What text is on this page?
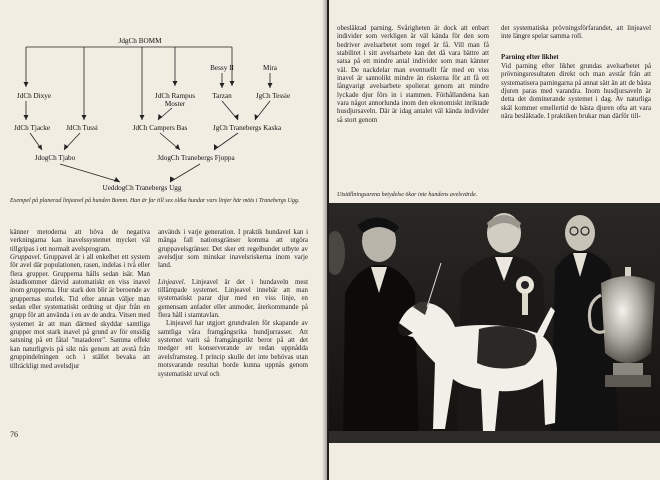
JdgCh BOMM
Bessy II	Mira
JdCh Dixye	JdCh Rampus
Moster
Tarzan	JgCh Tessie
JdCh Tjacke JdCh Tussi	JdCh Campers Bas	JgCh Tranebergs Kaska
JdogCh Tjabo	JdogCh Tranebergs Fjoppa
UeddogCh Tranebergs Ugg

Exempel på planerad linjeavel på hunden Bomm. Han är far till sex olika hundar vars linjer här möts i Tranebergs Ugg.

känner metoderna att höva de negativa verkningarna kan inavelssystemet mycket väl tillgripas i ett normalt avelsprogram.

Gruppavel. Gruppavel är i all enkelhet ett system för avel där populationen, rasen, indelas i två eller flera grupper. Grupperna hålls sedan isär. Man åstadkommer därvid automatiskt en viss inavel inom grupperna. Hur stark den blir är beroende av gruppernas storlek. Tid efter annan väljer man sedan eller systematiskt ordning ut djur från en grupp för att använda i en av de andra. Vitsen med systemet är att man därmed skyddar samtliga grupper mot stark inavel på grund av för ensidig satsning på ett fåtal "matadorer". Samma effekt kan naturligtvis på sikt nås genom att avstå från gruppindelningen och i stället bevaka att tillräckligt med avelsdjur

används i varje generation. I praktik hundavel kan i många fall nationsgränser komma att utgöra gruppavelsgränser. Det sker ett regelbundet utbyte av avelsdjur som minskar inavelsriskerna inom varje land.

Linjeavel. Linjeavel är det i hundaveln mest tillämpade systemet. Linjeavel innebär att man systematiskt parar djur med en viss linje, en gemensam anfader eller anmoder, återkommande på flera håll i stamtavlan.

Linjeavel har utgjort grundvalen för skapande av samtliga våra framgångsrika hundjurrasser. Att systemet varit så framgångsrikt beror på att det medger ett konserverande av redan uppnådda avelsframsteg. I princip skulle det inte behövas utan motsvarande resultat borde kunna uppnås genom systematiskt urval och

76

obesläktad parning. Svårigheten är dock att enbart individer som verkligen är väl kända för den som bedriver avelsarbetet som regel är få. Vill man få stabilitet i sitt avelsarbete kan det då vara bättre att satsa på ett mindre antal individer som man känner väl. De nackdelar man eventuellt får med en viss inavel är sannolikt mindre än riskerna för att få ett långvarigt avelsarbete spolierat genom att mindre lyckade djur förs in i stammen. Förhållandena kan vara något annorlunda inom den ekonomiskt inriktade husdjursaveln. Där är idag antalet väl kända individer så stort genom

det systematiska prövningsförfarandet, att linjeavel inte längre spelar samma roll.

Parning efter likhet

Vid parning efter likhet grundas avelsarbetet på prövningsresultaten direkt och man avstår från att systematisera parningarna på annat sätt än att de bästa djuren paras med varandra. Inom husdjursaveln är detta det dominerande systemet i dag. Av naturliga skäl kommer emellertid de bästa djuren ofta att vara nära besläktade. I praktiken brukar man därför till-

Utställningsarena betydelse ökar inte hundens avelsvärde.
